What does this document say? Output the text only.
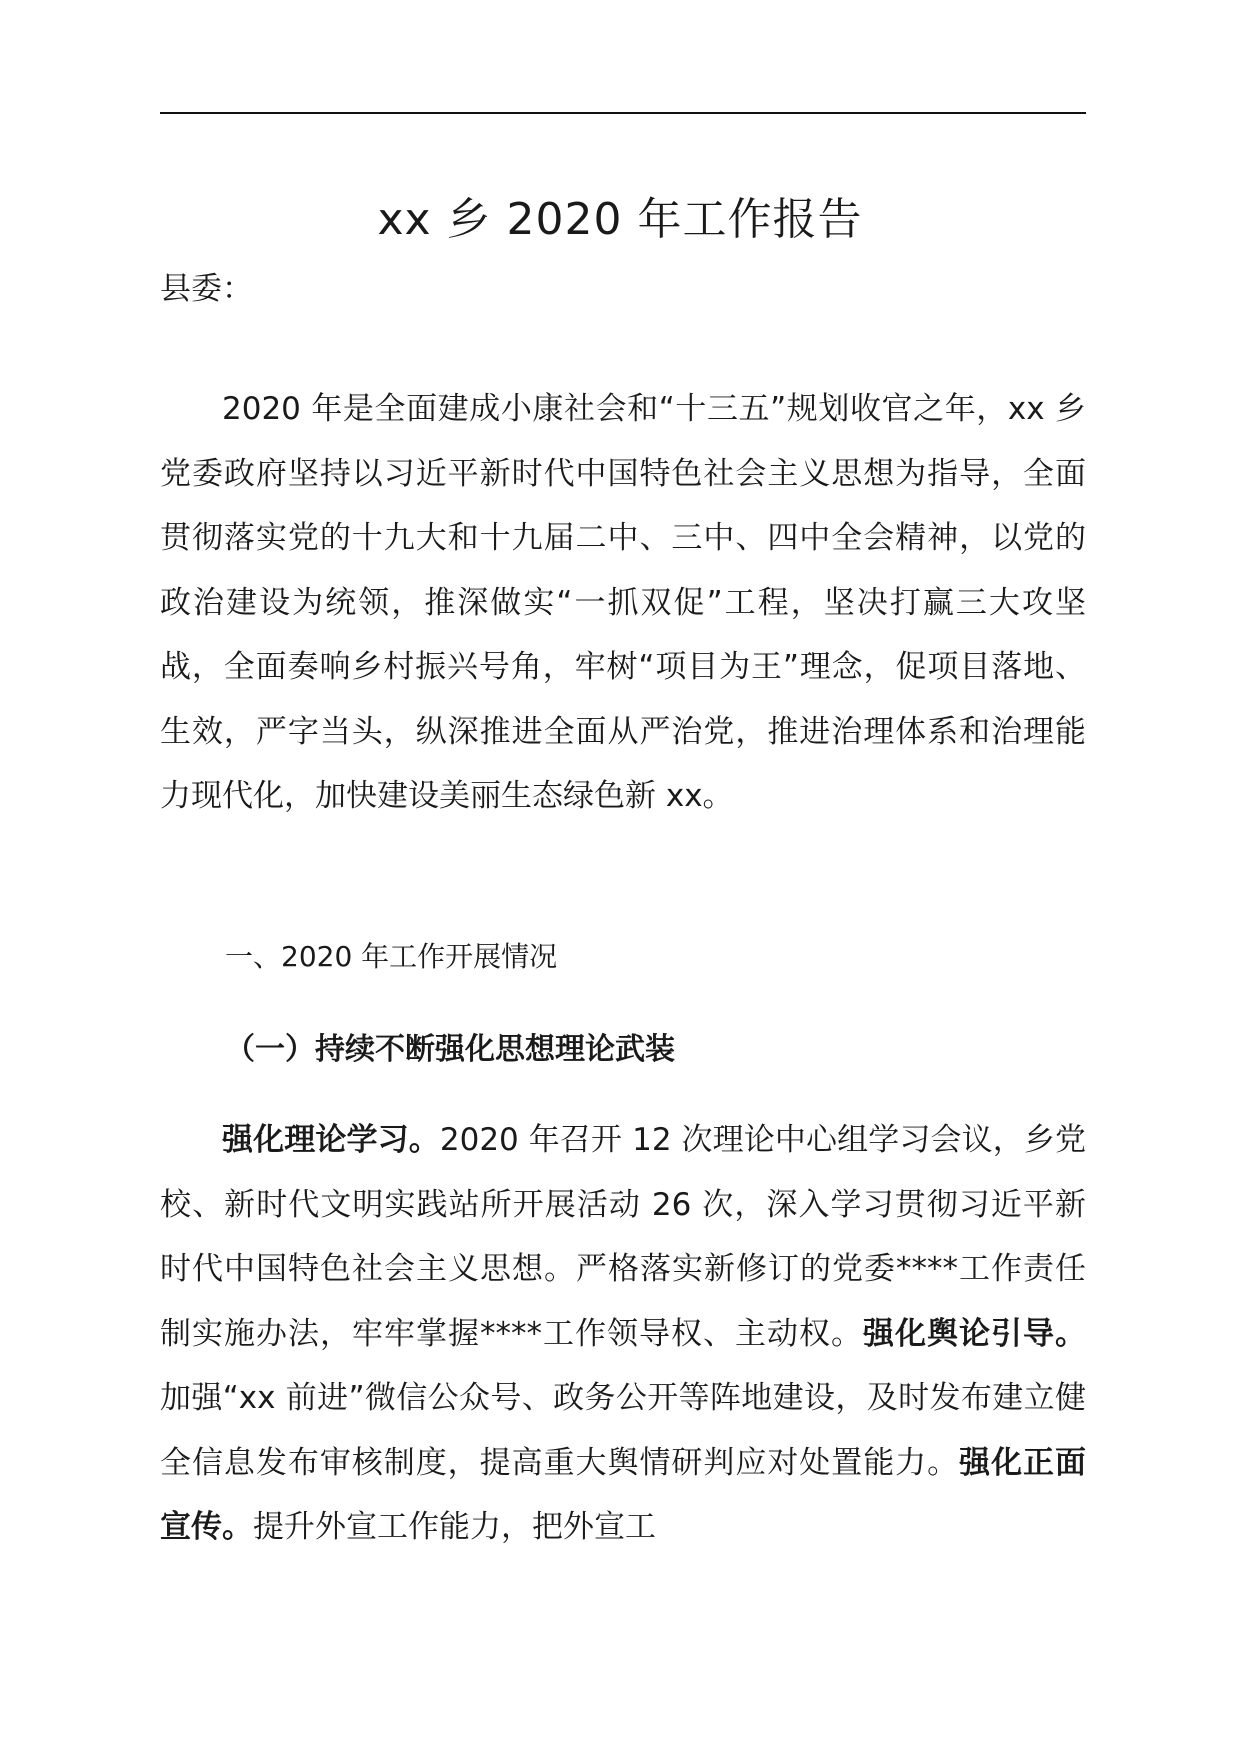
xx 乡 2020 年工作报告
县委：
2020 年是全面建成小康社会和“十三五”规划收官之年，xx 乡党委政府坚持以习近平新时代中国特色社会主义思想为指导，全面贯彻落实党的十九大和十九届二中、三中、四中全会精神，以党的政治建设为统领，推深做实“一抓双促”工程，坚决打赢三大攻坚战，全面奏响乡村振兴号角，牢树“项目为王”理念，促项目落地、生效，严字当头，纵深推进全面从严治党，推进治理体系和治理能力现代化，加快建设美丽生态绿色新 xx。
一、2020 年工作开展情况
（一）持续不断强化思想理论武装
强化理论学习。2020 年召开 12 次理论中心组学习会议，乡党校、新时代文明实践站所开展活动 26 次，深入学习贯彻习近平新时代中国特色社会主义思想。严格落实新修订的党委****工作责任制实施办法，牢牢掌握****工作领导权、主动权。强化舆论引导。加强“xx 前进”微信公众号、政务公开等阵地建设，及时发布建立健全信息发布审核制度，提高重大舆情研判应对处置能力。强化正面宣传。提升外宣工作能力，把外宣工
